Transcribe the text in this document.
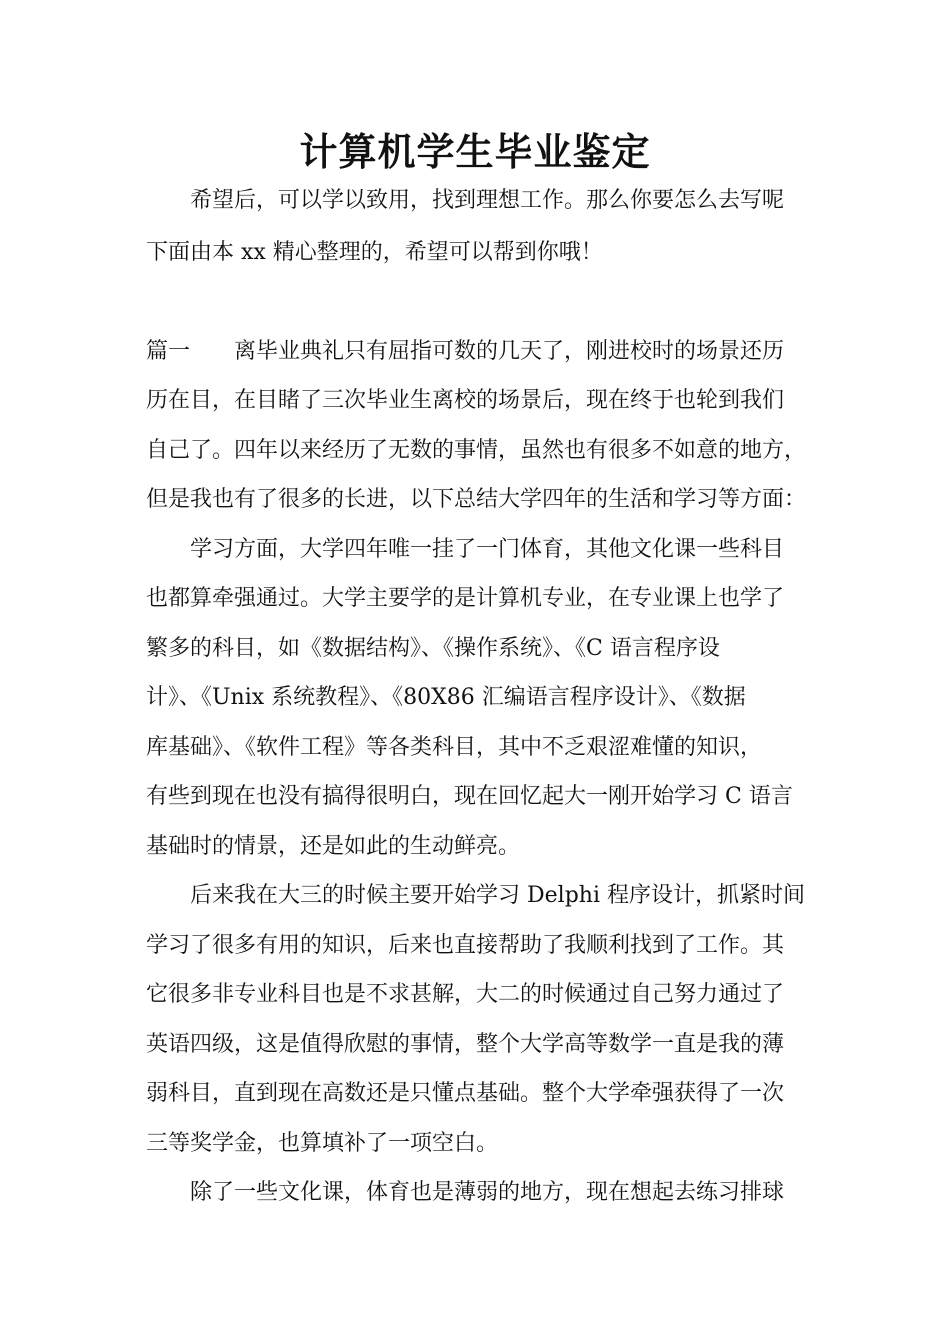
计算机学生毕业鉴定
希望后，可以学以致用，找到理想工作。那么你要怎么去写呢
下面由本 xx 精心整理的，希望可以帮到你哦！
篇一 离毕业典礼只有屈指可数的几天了，刚进校时的场景还历
历在目，在目睹了三次毕业生离校的场景后，现在终于也轮到我们
自己了。四年以来经历了无数的事情，虽然也有很多不如意的地方，
但是我也有了很多的长进，以下总结大学四年的生活和学习等方面：
学习方面，大学四年唯一挂了一门体育，其他文化课一些科目
也都算牵强通过。大学主要学的是计算机专业，在专业课上也学了
繁多的科目，如《数据结构》、《操作系统》、《C 语言程序设
计》、《Unix 系统教程》、《80X86 汇编语言程序设计》、《数据
库基础》、《软件工程》等各类科目，其中不乏艰涩难懂的知识，
有些到现在也没有搞得很明白，现在回忆起大一刚开始学习 C 语言
基础时的情景，还是如此的生动鲜亮。
后来我在大三的时候主要开始学习 Delphi 程序设计，抓紧时间
学习了很多有用的知识，后来也直接帮助了我顺利找到了工作。其
它很多非专业科目也是不求甚解，大二的时候通过自己努力通过了
英语四级，这是值得欣慰的事情，整个大学高等数学一直是我的薄
弱科目，直到现在高数还是只懂点基础。整个大学牵强获得了一次
三等奖学金，也算填补了一项空白。
除了一些文化课，体育也是薄弱的地方，现在想起去练习排球
